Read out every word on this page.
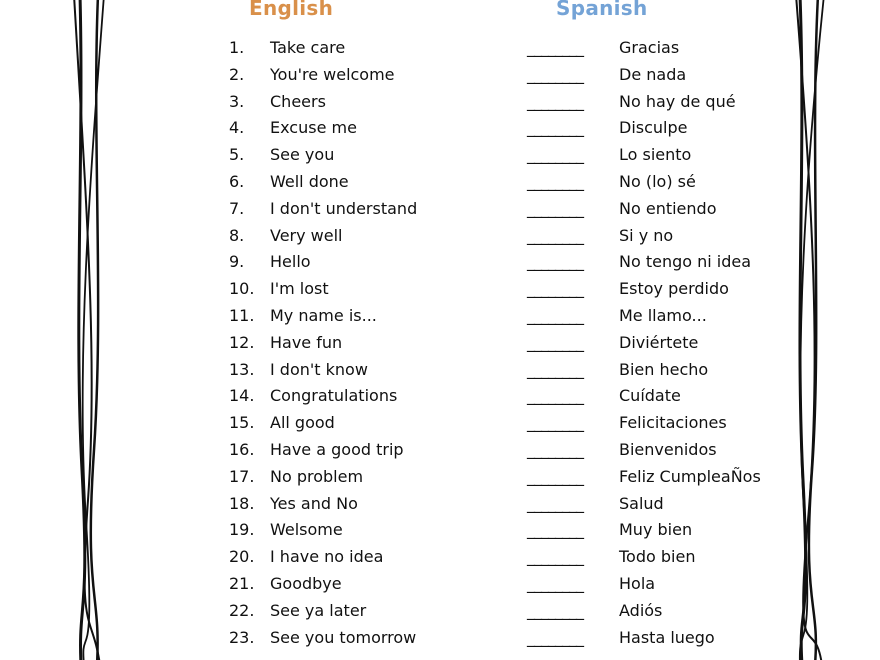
English	Spanish
1. Take care	________ Gracias
2. You're welcome	________ De nada
3. Cheers	________ No hay de qué
4. Excuse me	________ Disculpe
5. See you	________ Lo siento
6. Well done	________ No (lo) sé
7. I don't understand	________ No entiendo
8. Very well	________ Si y no
9. Hello	________ No tengo ni idea
10. I'm lost	________ Estoy perdido
11. My name is...	________ Me llamo...
12. Have fun	________ Diviértete
13. I don't know	________ Bien hecho
14. Congratulations	________ Cuídate
15. All good	________ Felicitaciones
16. Have a good trip	________ Bienvenidos
17. No problem	________ Feliz CumpleaÑos
18. Yes and No	________ Salud
19. Welsome	________ Muy bien
20. I have no idea	________ Todo bien
21. Goodbye	________ Hola
22. See ya later	________ Adiós
23. See you tomorrow	________ Hasta luego
